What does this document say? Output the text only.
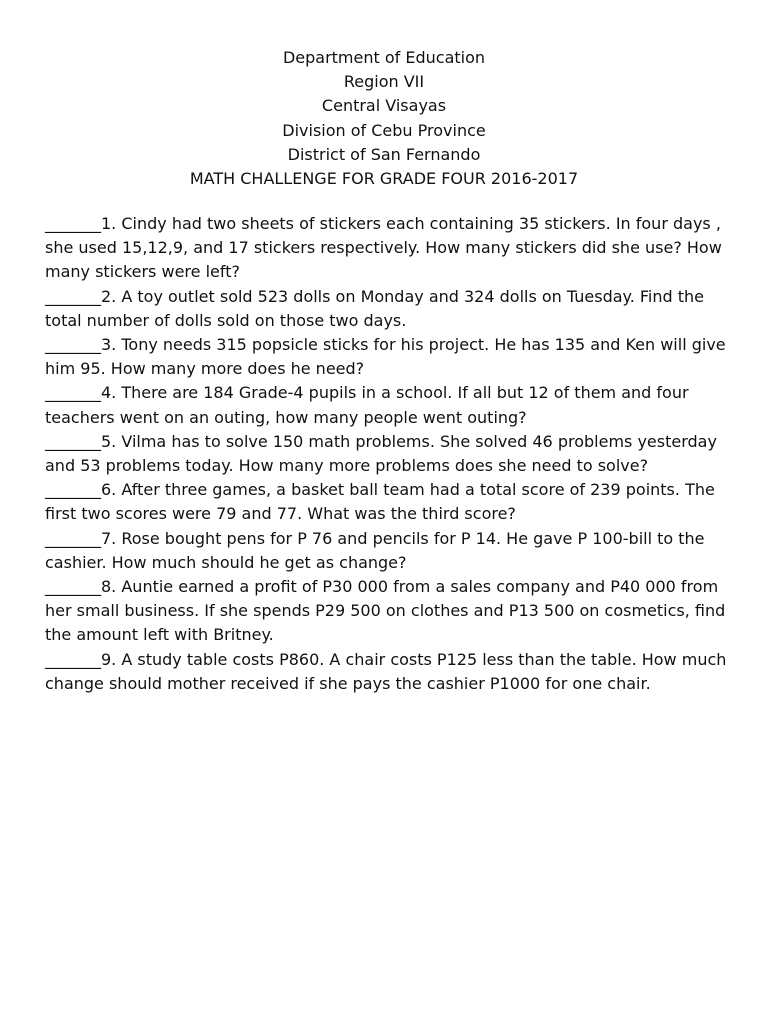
Department of Education
Region VII
Central Visayas
Division of Cebu Province
District of San Fernando
MATH CHALLENGE FOR GRADE FOUR 2016-2017

_______1. Cindy had two sheets of stickers each containing 35 stickers. In four days , she used 15,12,9, and 17 stickers respectively. How many stickers did she use? How many stickers were left?

_______2. A toy outlet sold 523 dolls on Monday and 324 dolls on Tuesday. Find the total number of dolls sold on those two days.

_______3. Tony needs 315 popsicle sticks for his project. He has 135 and Ken will give him 95. How many more does he need?

_______4. There are 184 Grade-4 pupils in a school. If all but 12 of them and four teachers went on an outing, how many people went outing?

_______5. Vilma has to solve 150 math problems. She solved 46 problems yesterday and 53 problems today. How many more problems does she need to solve?

_______6. After three games, a basket ball team had a total score of 239 points. The first two scores were 79 and 77. What was the third score?

_______7. Rose bought pens for P 76 and pencils for P 14. He gave P 100-bill to the cashier. How much should he get as change?

_______8. Auntie earned a profit of P30 000 from a sales company and P40 000 from her small business. If she spends P29 500 on clothes and P13 500 on cosmetics, find the amount left with Britney.

_______9. A study table costs P860. A chair costs P125 less than the table. How much change should mother received if she pays the cashier P1000 for one chair.
